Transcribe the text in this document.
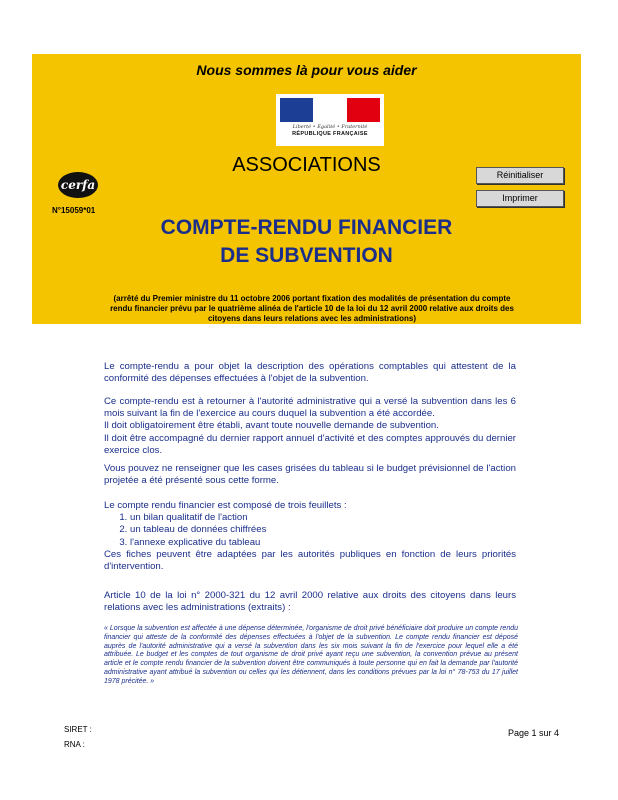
Nous sommes là pour vous aider
Liberté • Égalité • Fraternité
RÉPUBLIQUE FRANÇAISE
cerfa
N°15059*01
ASSOCIATIONS	Réinitialiser
Imprimer
COMPTE-RENDU FINANCIER
DE SUBVENTION
(arrêté du Premier ministre du 11 octobre 2006 portant fixation des modalités de présentation du compte rendu financier prévu par le quatrième alinéa de l'article 10 de la loi du 12 avril 2000 relative aux droits des citoyens dans leurs relations avec les administrations)
Le compte-rendu a pour objet la description des opérations comptables qui attestent de la conformité des dépenses effectuées à l'objet de la subvention.
Ce compte-rendu est à retourner à l'autorité administrative qui a versé la subvention dans les 6 mois suivant la fin de l'exercice au cours duquel la subvention a été accordée.
Il doit obligatoirement être établi, avant toute nouvelle demande de subvention.
Il doit être accompagné du dernier rapport annuel d'activité et des comptes approuvés du dernier exercice clos.
Vous pouvez ne renseigner que les cases grisées du tableau si le budget prévisionnel de l'action projetée a été présenté sous cette forme.

Le compte rendu financier est composé de trois feuillets :

1. un bilan qualitatif de l'action
2. un tableau de données chiffrées
3. l'annexe explicative du tableau
Ces fiches peuvent être adaptées par les autorités publiques en fonction de leurs priorités d'intervention.
Article 10 de la loi n° 2000-321 du 12 avril 2000 relative aux droits des citoyens dans leurs relations avec les administrations (extraits) :
« Lorsque la subvention est affectée à une dépense déterminée, l'organisme de droit privé bénéficiaire doit produire un compte rendu financier qui atteste de la conformité des dépenses effectuées à l'objet de la subvention. Le compte rendu financier est déposé auprès de l'autorité administrative qui a versé la subvention dans les six mois suivant la fin de l'exercice pour lequel elle a été attribuée. Le budget et les comptes de tout organisme de droit privé ayant reçu une subvention, la convention prévue au présent article et le compte rendu financier de la subvention doivent être communiqués à toute personne qui en fait la demande par l'autorité administrative ayant attribué la subvention ou celles qui les détiennent, dans les conditions prévues par la loi n° 78-753 du 17 juillet 1978 précitée. »
SIRET :
RNA :
Page 1 sur 4
